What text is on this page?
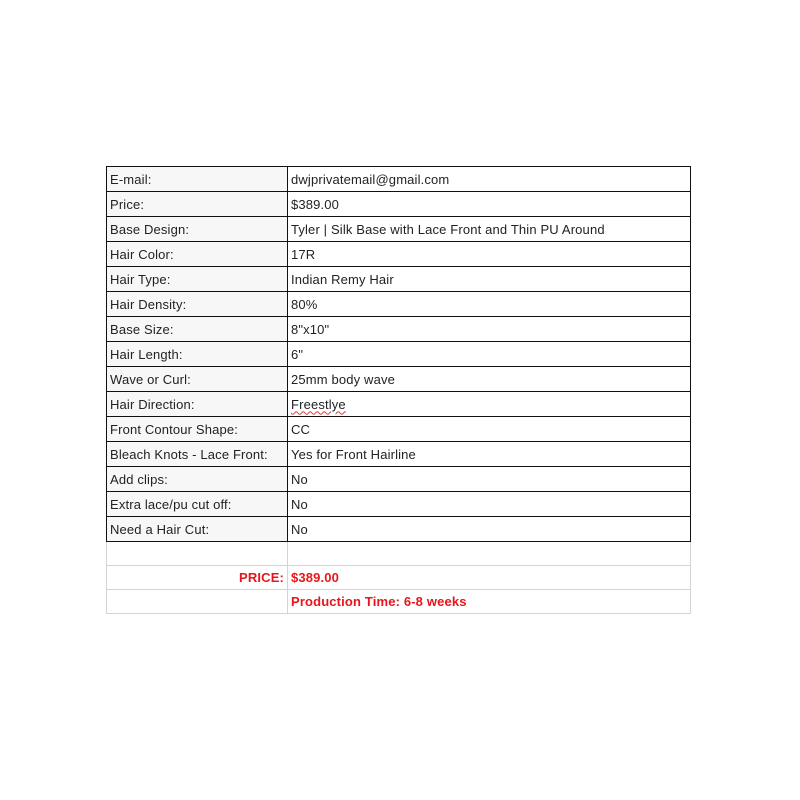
E-mail:	dwjprivatemail@gmail.com
Price:	$389.00
Base Design:	Tyler | Silk Base with Lace Front and Thin PU Around
Hair Color:	17R
Hair Type:	Indian Remy Hair
Hair Density:	80%
Base Size:	8"x10"
Hair Length:	6"
Wave or Curl:	25mm body wave
Hair Direction:	Freestlye
Front Contour Shape:	CC
Bleach Knots - Lace Front:	Yes for Front Hairline
Add clips:	No
Extra lace/pu cut off:	No
Need a Hair Cut:	No

PRICE:	$389.00
	Production Time: 6-8 weeks
